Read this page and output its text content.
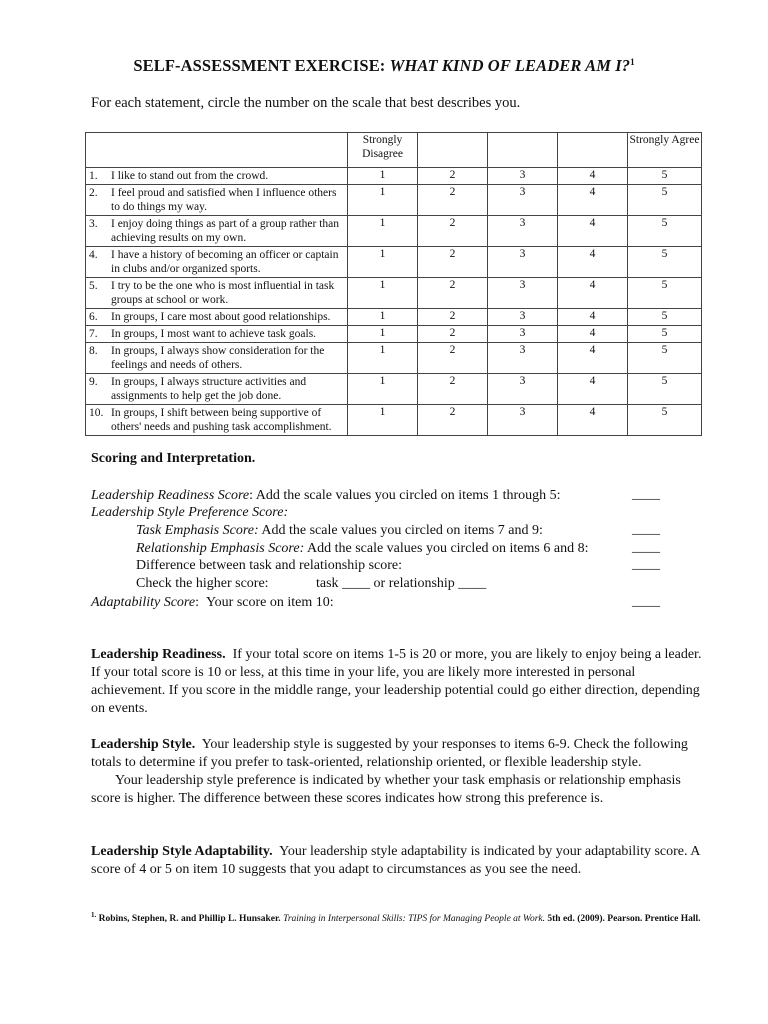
SELF-ASSESSMENT EXERCISE: WHAT KIND OF LEADER AM I?$^1$
For each statement, circle the number on the scale that best describes you.
	Strongly Disagree				Strongly Agree

1. I like to stand out from the crowd.	1	2	3	4	5

2. I feel proud and satisfied when I influence others to do things my way.	1	2	3	4	5

3. I enjoy doing things as part of a group rather than achieving results on my own.	1	2	3	4	5

4. I have a history of becoming an officer or captain in clubs and/or organized sports.	1	2	3	4	5

5. I try to be the one who is most influential in task groups at school or work.	1	2	3	4	5

6. In groups, I care most about good relationships.	1	2	3	4	5

7. In groups, I most want to achieve task goals.	1	2	3	4	5

8. In groups, I always show consideration for the feelings and needs of others.	1	2	3	4	5

9. In groups, I always structure activities and assignments to help get the job done.	1	2	3	4	5

10. In groups, I shift between being supportive of others' needs and pushing task accomplishment.	1	2	3	4	5
Scoring and Interpretation.
Leadership Readiness Score: Add the scale values you circled on items 1 through 5:	____
Leadership Style Preference Score:
Task Emphasis Score: Add the scale values you circled on items 7 and 9:	____
Relationship Emphasis Score: Add the scale values you circled on items 6 and 8:	____
Difference between task and relationship score:	____
Check the higher score:	task ____ or relationship ____
Adaptability Score:  Your score on item 10:	____
Leadership Readiness. If your total score on items 1-5 is 20 or more, you are likely to enjoy being a leader. If your total score is 10 or less, at this time in your life, you are likely more interested in personal achievement. If you score in the middle range, your leadership potential could go either direction, depending on events.
Leadership Style. Your leadership style is suggested by your responses to items 6-9. Check the following totals to determine if you prefer to task-oriented, relationship oriented, or flexible leadership style.
Your leadership style preference is indicated by whether your task emphasis or relationship emphasis score is higher. The difference between these scores indicates how strong this preference is.
Leadership Style Adaptability. Your leadership style adaptability is indicated by your adaptability score. A score of 4 or 5 on item 10 suggests that you adapt to circumstances as you see the need.
$^{1.}$ Robins, Stephen, R. and Phillip L. Hunsaker. Training in Interpersonal Skills: TIPS for Managing People at Work. 5th ed. (2009). Pearson. Prentice Hall.
